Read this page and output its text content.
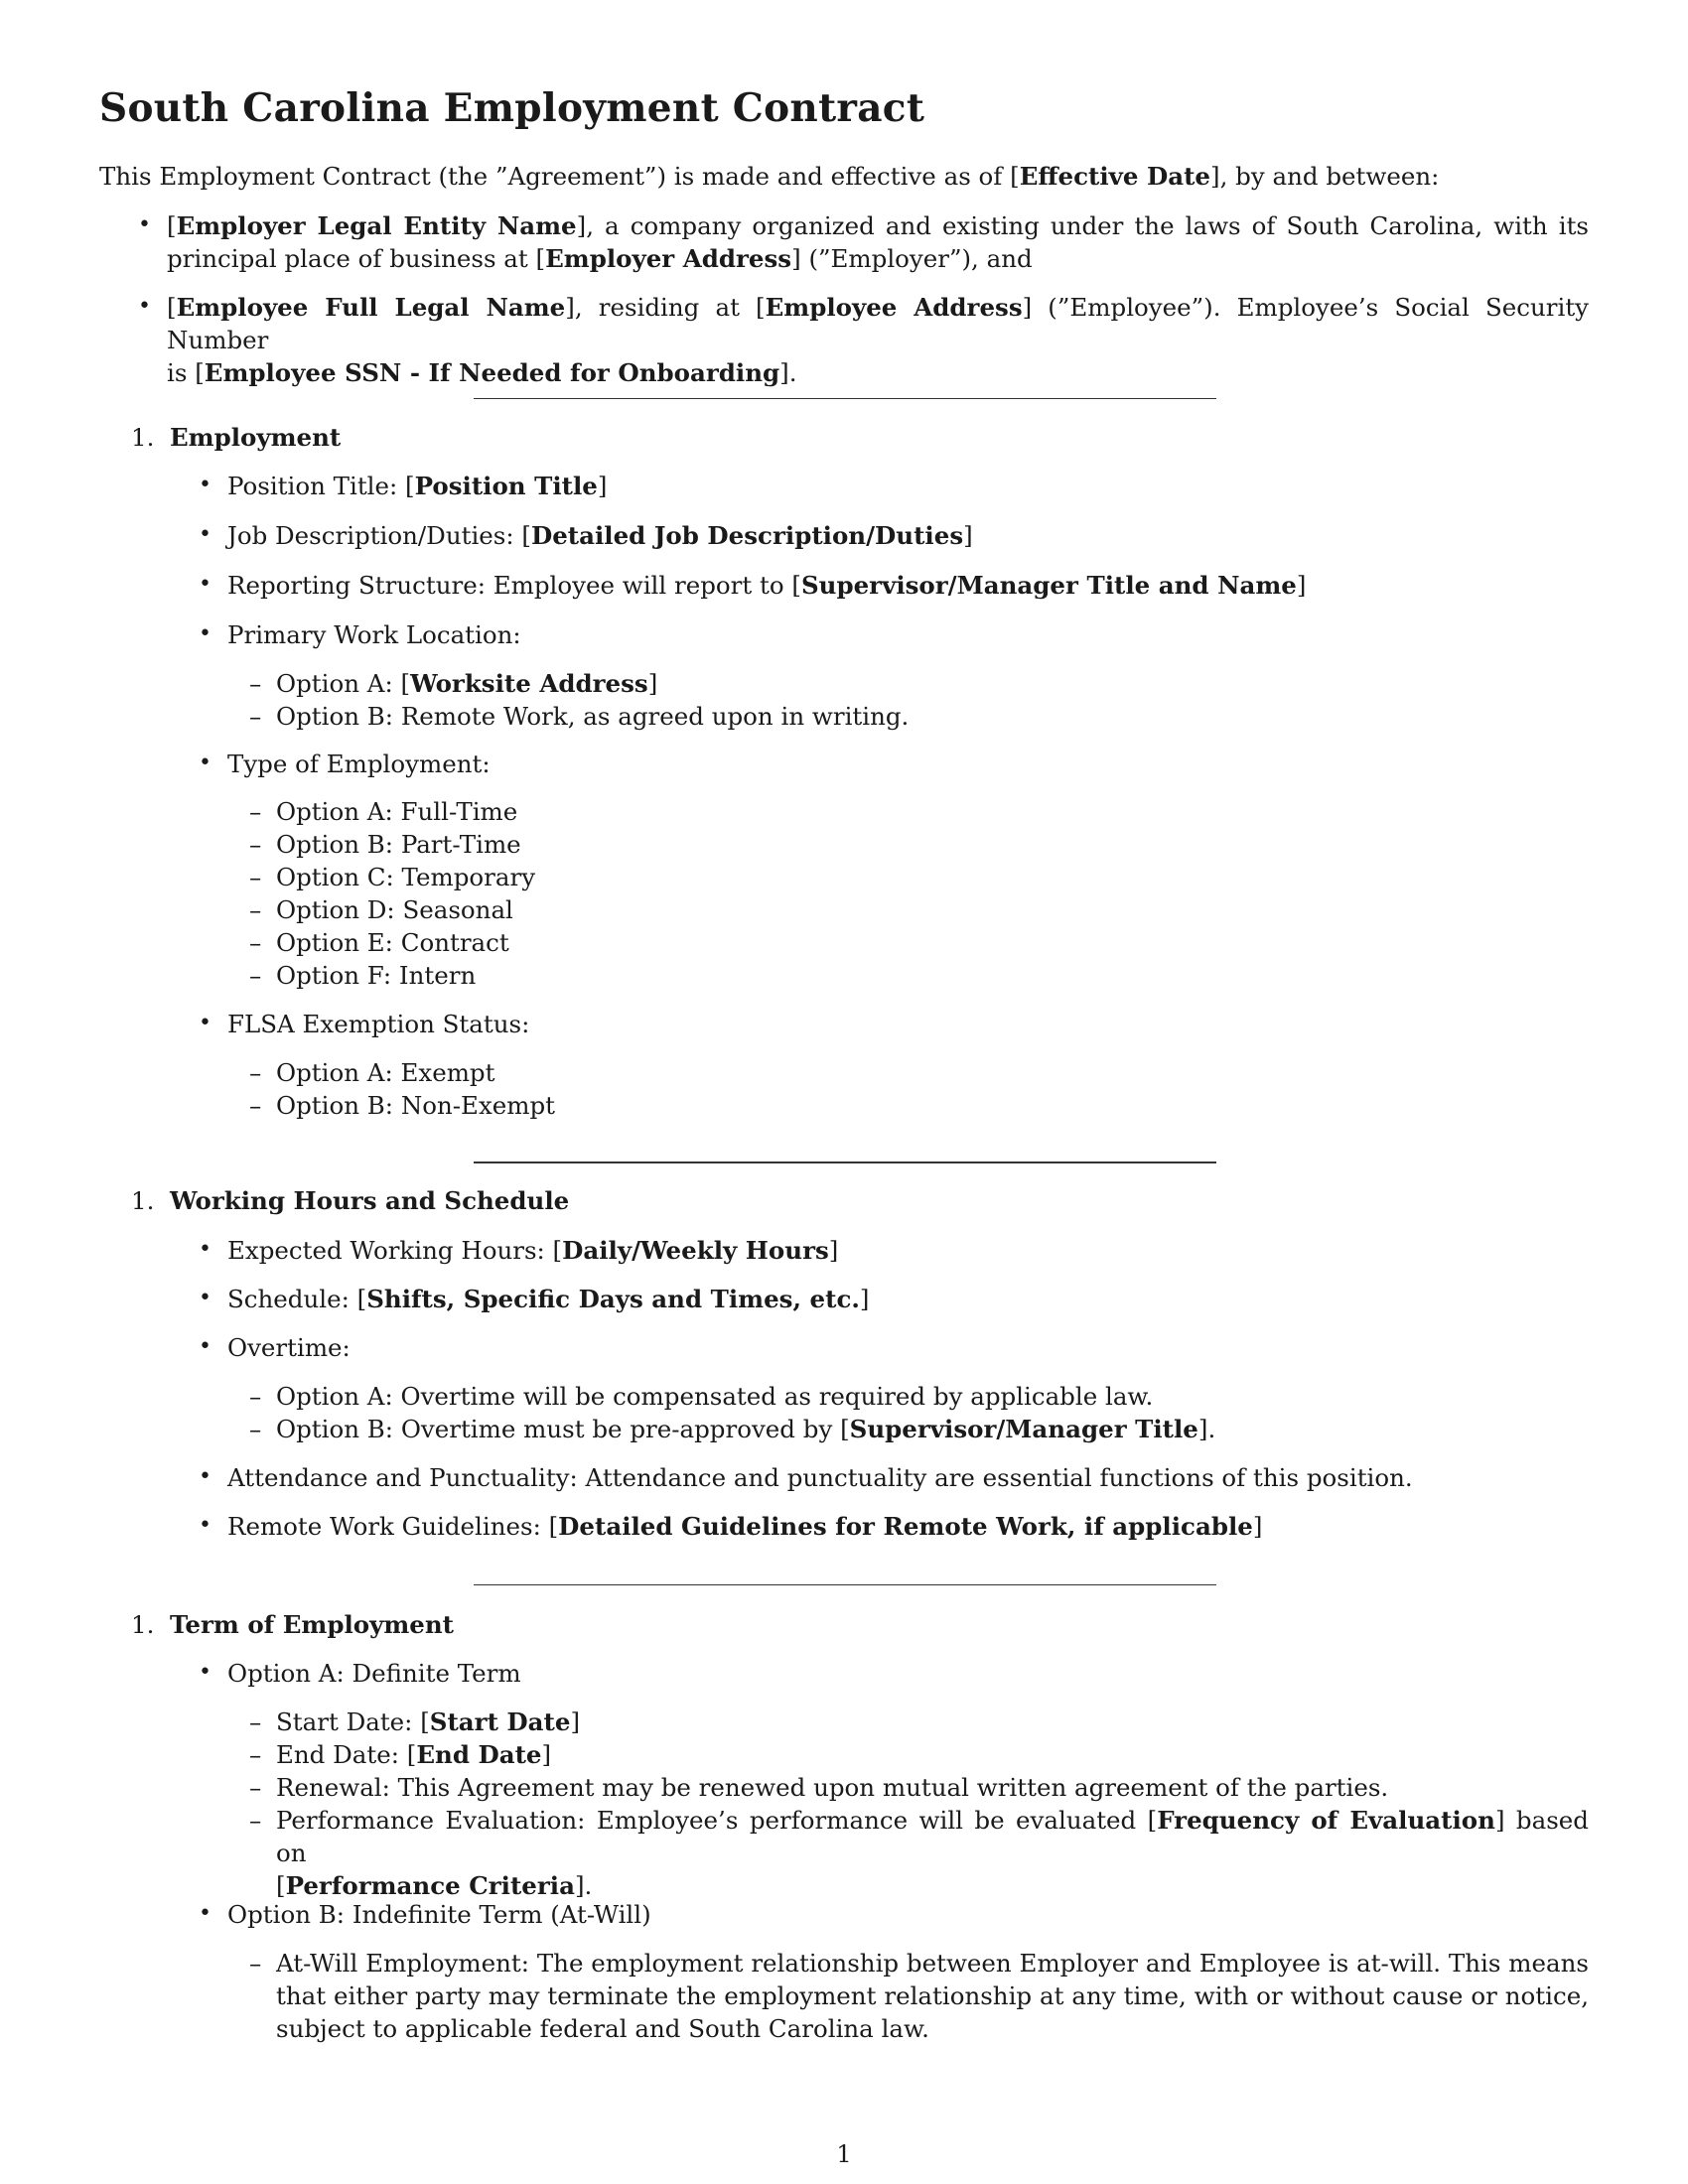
South Carolina Employment Contract
This Employment Contract (the ”Agreement”) is made and effective as of [Effective Date], by and between:
• [Employer Legal Entity Name], a company organized and existing under the laws of South Carolina, with its
principal place of business at [Employer Address] (”Employer”), and
• [Employee Full Legal Name], residing at [Employee Address] (”Employee”). Employee’s Social Security Number
is [Employee SSN - If Needed for Onboarding].
1. Employment
• Position Title: [Position Title]
• Job Description/Duties: [Detailed Job Description/Duties]
• Reporting Structure: Employee will report to [Supervisor/Manager Title and Name]
• Primary Work Location:
– Option A: [Worksite Address]
– Option B: Remote Work, as agreed upon in writing.
• Type of Employment:
– Option A: Full-Time
– Option B: Part-Time
– Option C: Temporary
– Option D: Seasonal
– Option E: Contract
– Option F: Intern
• FLSA Exemption Status:
– Option A: Exempt
– Option B: Non-Exempt
1. Working Hours and Schedule
• Expected Working Hours: [Daily/Weekly Hours]
• Schedule: [Shifts, Specific Days and Times, etc.]
• Overtime:
– Option A: Overtime will be compensated as required by applicable law.
– Option B: Overtime must be pre-approved by [Supervisor/Manager Title].
• Attendance and Punctuality: Attendance and punctuality are essential functions of this position.
• Remote Work Guidelines: [Detailed Guidelines for Remote Work, if applicable]
1. Term of Employment
• Option A: Definite Term
– Start Date: [Start Date]
– End Date: [End Date]
– Renewal: This Agreement may be renewed upon mutual written agreement of the parties.
– Performance Evaluation: Employee’s performance will be evaluated [Frequency of Evaluation] based on
[Performance Criteria].
• Option B: Indefinite Term (At-Will)
– At-Will Employment: The employment relationship between Employer and Employee is at-will. This means
that either party may terminate the employment relationship at any time, with or without cause or notice,
subject to applicable federal and South Carolina law.
1
